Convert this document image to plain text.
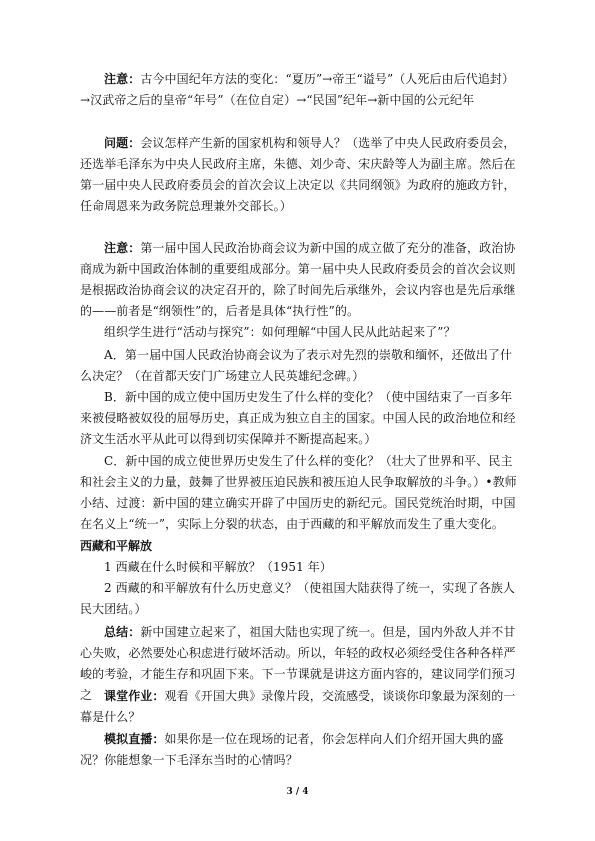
注意：古今中国纪年方法的变化：“夏历”→帝王“谥号”（人死后由后代追封）→汉武帝之后的皇帝“年号”（在位自定）→“民国”纪年→新中国的公元纪年
问题：会议怎样产生新的国家机构和领导人？（选举了中央人民政府委员会，还选举毛泽东为中央人民政府主席，朱德、刘少奇、宋庆龄等人为副主席。然后在第一届中央人民政府委员会的首次会议上决定以《共同纲领》为政府的施政方针，任命周恩来为政务院总理兼外交部长。）
注意：第一届中国人民政治协商会议为新中国的成立做了充分的准备，政治协商成为新中国政治体制的重要组成部分。第一届中央人民政府委员会的首次会议则是根据政治协商会议的决定召开的，除了时间先后承继外，会议内容也是先后承继的——前者是“纲领性”的，后者是具体“执行性”的。
组织学生进行“活动与探究”：如何理解“中国人民从此站起来了”？
A．第一届中国人民政治协商会议为了表示对先烈的崇敬和缅怀，还做出了什么决定？（在首都天安门广场建立人民英雄纪念碑。）
B．新中国的成立使中国历史发生了什么样的变化？（使中国结束了一百多年来被侵略被奴役的屈辱历史，真正成为独立自主的国家。中国人民的政治地位和经济文生活水平从此可以得到切实保障并不断提高起来。）
C．新中国的成立使世界历史发生了什么样的变化？（壮大了世界和平、民主和社会主义的力量，鼓舞了世界被压迫民族和被压迫人民争取解放的斗争。）•教师小结、过渡：新中国的建立确实开辟了中国历史的新纪元。国民党统治时期，中国在名义上“统一”，实际上分裂的状态，由于西藏的和平解放而发生了重大变化。
西藏和平解放
1 西藏在什么时候和平解放？（1951 年）
2 西藏的和平解放有什么历史意义？（使祖国大陆获得了统一，实现了各族人民大团结。）
总结：新中国建立起来了，祖国大陆也实现了统一。但是，国内外敌人并不甘心失败，必然要处心积虑进行破坏活动。所以，年轻的政权必须经受住各种各样严峻的考验，才能生存和巩固下来。下一节课就是讲这方面内容的，建议同学们预习之 课堂作业：观看《开国大典》录像片段，交流感受，谈谈你印象最为深刻的一幕是什么？
模拟直播：如果你是一位在现场的记者，你会怎样向人们介绍开国大典的盛况？你能想象一下毛泽东当时的心情吗？
3 / 4
